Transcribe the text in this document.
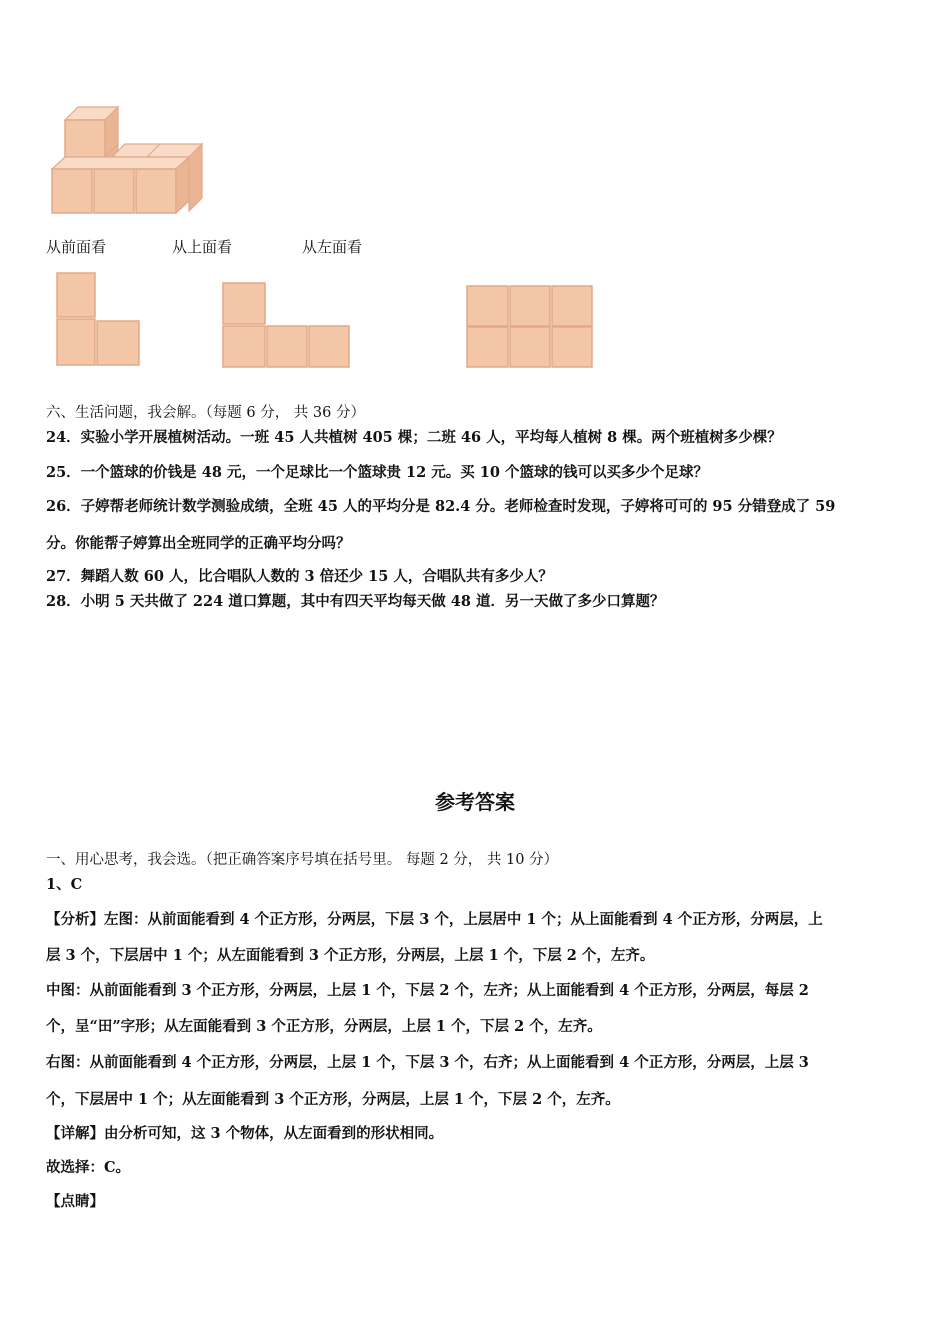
从前面看	从上面看	从左面看
六、生活问题，我会解。（每题 6 分， 共 36 分）
24．实验小学开展植树活动。一班 45 人共植树 405 棵；二班 46 人，平均每人植树 8 棵。两个班植树多少棵？
25．一个篮球的价钱是 48 元，一个足球比一个篮球贵 12 元。买 10 个篮球的钱可以买多少个足球？
26．子婷帮老师统计数学测验成绩，全班 45 人的平均分是 82.4 分。老师检查时发现，子婷将可可的 95 分错登成了 59
分。你能帮子婷算出全班同学的正确平均分吗？
27．舞蹈人数 60 人，比合唱队人数的 3 倍还少 15 人，合唱队共有多少人？
28．小明 5 天共做了 224 道口算题，其中有四天平均每天做 48 道．另一天做了多少口算题？
参考答案
一、用心思考，我会选。（把正确答案序号填在括号里。 每题 2 分， 共 10 分）
1、C
【分析】左图：从前面能看到 4 个正方形，分两层，下层 3 个，上层居中 1 个；从上面能看到 4 个正方形，分两层，上
层 3 个，下层居中 1 个；从左面能看到 3 个正方形，分两层，上层 1 个，下层 2 个，左齐。
中图：从前面能看到 3 个正方形，分两层，上层 1 个，下层 2 个，左齐；从上面能看到 4 个正方形，分两层，每层 2
个，呈“田”字形；从左面能看到 3 个正方形，分两层，上层 1 个，下层 2 个，左齐。
右图：从前面能看到 4 个正方形，分两层，上层 1 个，下层 3 个，右齐；从上面能看到 4 个正方形，分两层，上层 3
个，下层居中 1 个；从左面能看到 3 个正方形，分两层，上层 1 个，下层 2 个，左齐。
【详解】由分析可知，这 3 个物体，从左面看到的形状相同。
故选择：C。
【点睛】
